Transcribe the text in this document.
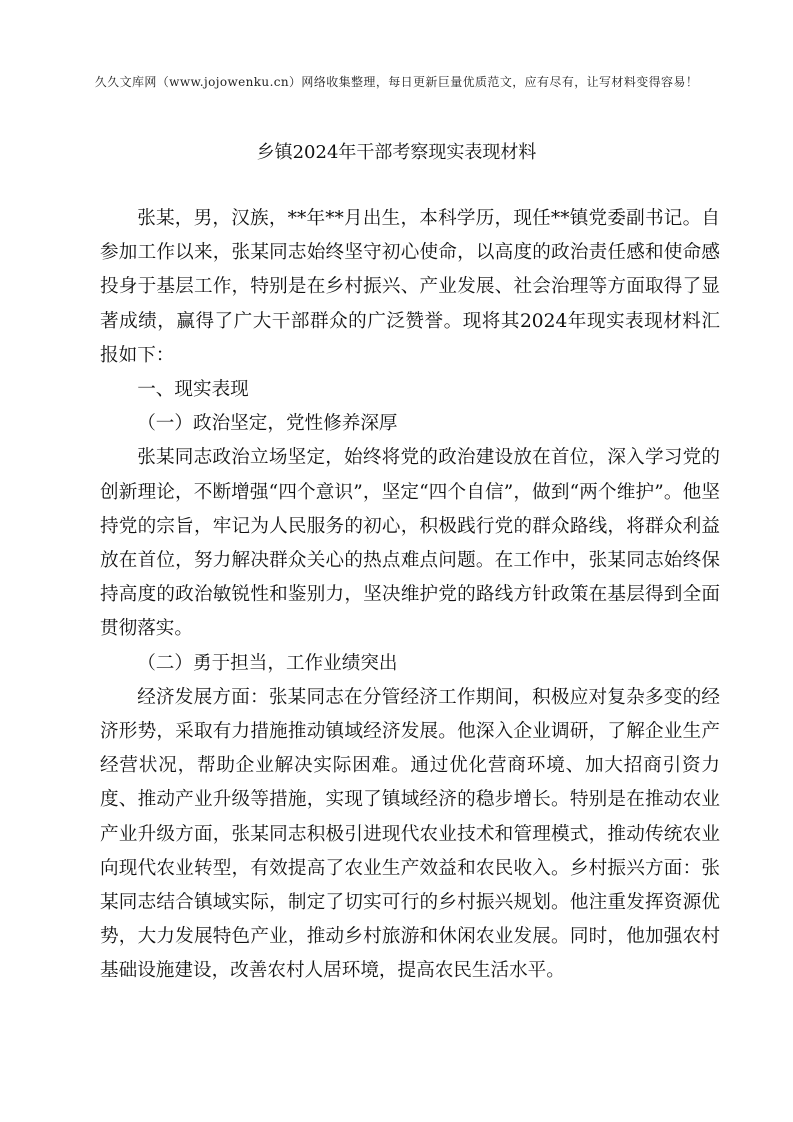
久久文库网（www.jojowenku.cn）网络收集整理，每日更新巨量优质范文，应有尽有，让写材料变得容易！
乡镇2024年干部考察现实表现材料

张某，男，汉族，**年**月出生，本科学历，现任**镇党委副书记。自参加工作以来，张某同志始终坚守初心使命，以高度的政治责任感和使命感投身于基层工作，特别是在乡村振兴、产业发展、社会治理等方面取得了显著成绩，赢得了广大干部群众的广泛赞誉。现将其2024年现实表现材料汇报如下：

一、现实表现

（一）政治坚定，党性修养深厚

张某同志政治立场坚定，始终将党的政治建设放在首位，深入学习党的创新理论，不断增强“四个意识”，坚定“四个自信”，做到“两个维护”。他坚持党的宗旨，牢记为人民服务的初心，积极践行党的群众路线，将群众利益放在首位，努力解决群众关心的热点难点问题。在工作中，张某同志始终保持高度的政治敏锐性和鉴别力，坚决维护党的路线方针政策在基层得到全面贯彻落实。

（二）勇于担当，工作业绩突出

经济发展方面：张某同志在分管经济工作期间，积极应对复杂多变的经济形势，采取有力措施推动镇域经济发展。他深入企业调研，了解企业生产经营状况，帮助企业解决实际困难。通过优化营商环境、加大招商引资力度、推动产业升级等措施，实现了镇域经济的稳步增长。特别是在推动农业产业升级方面，张某同志积极引进现代农业技术和管理模式，推动传统农业向现代农业转型，有效提高了农业生产效益和农民收入。乡村振兴方面：张某同志结合镇域实际，制定了切实可行的乡村振兴规划。他注重发挥资源优势，大力发展特色产业，推动乡村旅游和休闲农业发展。同时，他加强农村基础设施建设，改善农村人居环境，提高农民生活水平。
